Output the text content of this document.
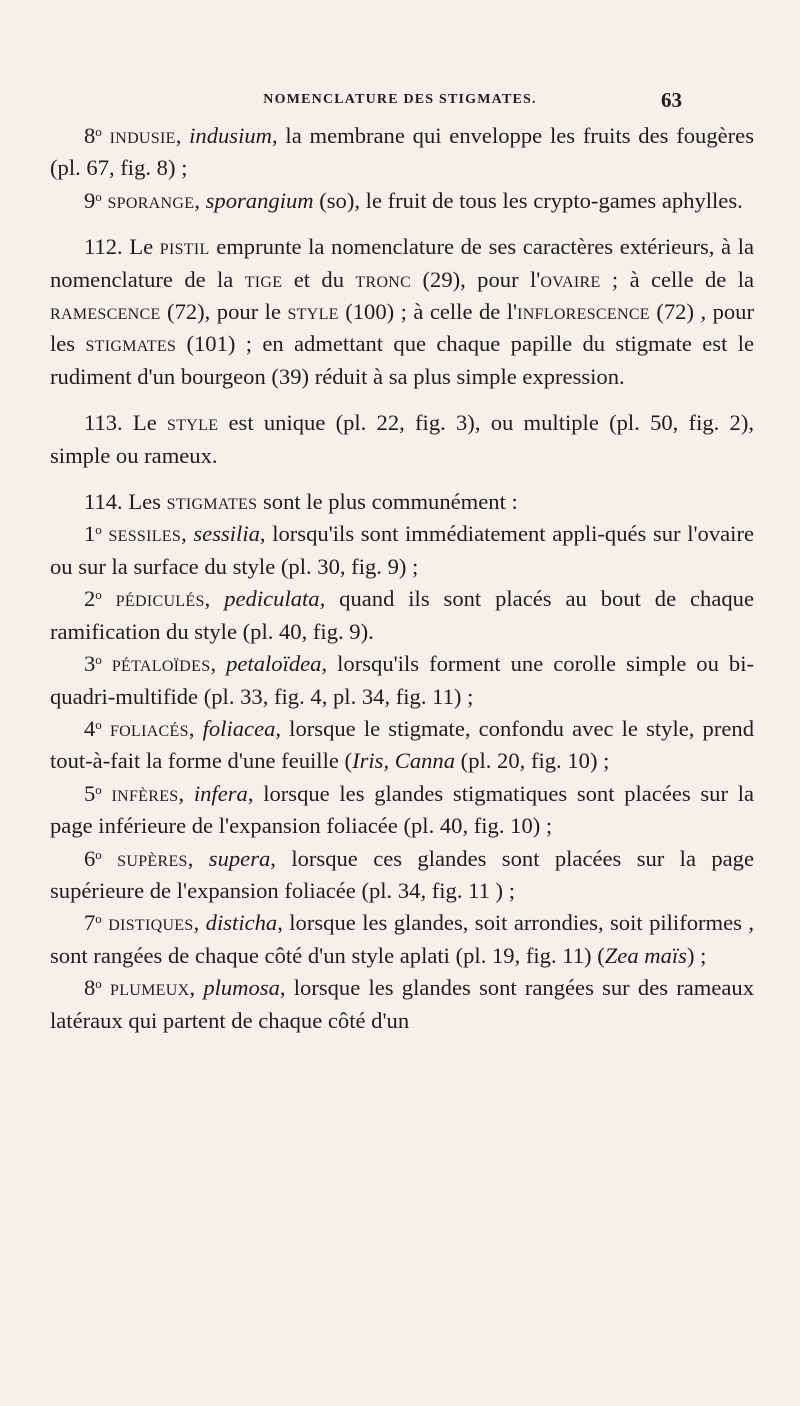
NOMENCLATURE DES STIGMATES.	63

8$^o$ indusie, indusium, la membrane qui enveloppe les fruits des fougères (pl. 67, fig. 8) ;

9$^o$ sporange, sporangium (so), le fruit de tous les crypto-games aphylles.

112. Le pistil emprunte la nomenclature de ses caractères extérieurs, à la nomenclature de la tige et du tronc (29), pour l'ovaire ; à celle de la ramescence (72), pour le style (100) ; à celle de l'inflorescence (72) , pour les stigmates (101) ; en admettant que chaque papille du stigmate est le rudiment d'un bourgeon (39) réduit à sa plus simple expression.

113. Le style est unique (pl. 22, fig. 3), ou multiple (pl. 50, fig. 2), simple ou rameux.

114. Les stigmates sont le plus communément :

1$^o$ sessiles, sessilia, lorsqu'ils sont immédiatement appli-qués sur l'ovaire ou sur la surface du style (pl. 30, fig. 9) ;

2$^o$ pédiculés, pediculata, quand ils sont placés au bout de chaque ramification du style (pl. 40, fig. 9).

3$^o$ pétaloïdes, petaloïdea, lorsqu'ils forment une corolle simple ou bi-quadri-multifide (pl. 33, fig. 4, pl. 34, fig. 11) ;

4$^o$ foliacés, foliacea, lorsque le stigmate, confondu avec le style, prend tout-à-fait la forme d'une feuille (Iris, Canna (pl. 20, fig. 10) ;

5$^o$ infères, infera, lorsque les glandes stigmatiques sont placées sur la page inférieure de l'expansion foliacée (pl. 40, fig. 10) ;

6$^o$ supères, supera, lorsque ces glandes sont placées sur la page supérieure de l'expansion foliacée (pl. 34, fig. 11 ) ;

7$^o$ distiques, disticha, lorsque les glandes, soit arrondies, soit piliformes , sont rangées de chaque côté d'un style aplati (pl. 19, fig. 11) (Zea maïs) ;

8$^o$ plumeux, plumosa, lorsque les glandes sont rangées sur des rameaux latéraux qui partent de chaque côté d'un
